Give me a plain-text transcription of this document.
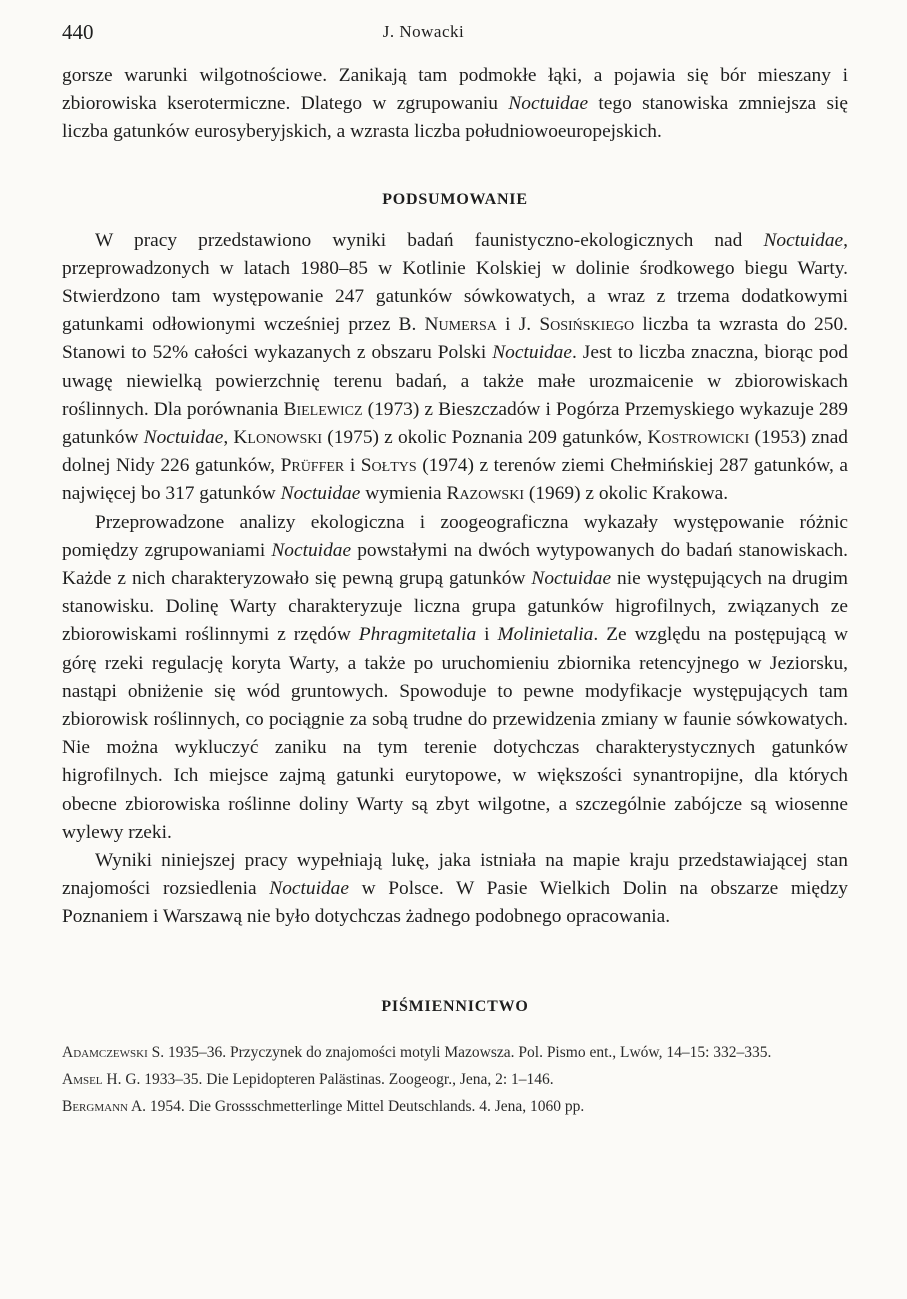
440	J. Nowacki

gorsze warunki wilgotnościowe. Zanikają tam podmokłe łąki, a pojawia się bór mieszany i zbiorowiska kserotermiczne. Dlatego w zgrupowaniu Noctuidae tego stanowiska zmniejsza się liczba gatunków eurosyberyjskich, a wzrasta liczba południowoeuropejskich.

PODSUMOWANIE

W pracy przedstawiono wyniki badań faunistyczno-ekologicznych nad Noctuidae, przeprowadzonych w latach 1980–85 w Kotlinie Kolskiej w dolinie środkowego biegu Warty. Stwierdzono tam występowanie 247 gatunków sówkowatych, a wraz z trzema dodatkowymi gatunkami odłowionymi wcześniej przez B. Numersa i J. Sosińskiego liczba ta wzrasta do 250. Stanowi to 52% całości wykazanych z obszaru Polski Noctuidae. Jest to liczba znaczna, biorąc pod uwagę niewielką powierzchnię terenu badań, a także małe urozmaicenie w zbiorowiskach roślinnych. Dla porównania Bielewicz (1973) z Bieszczadów i Pogórza Przemyskiego wykazuje 289 gatunków Noctuidae, Klonowski (1975) z okolic Poznania 209 gatunków, Kostrowicki (1953) znad dolnej Nidy 226 gatunków, Prüffer i Sołtys (1974) z terenów ziemi Chełmińskiej 287 gatunków, a najwięcej bo 317 gatunków Noctuidae wymienia Razowski (1969) z okolic Krakowa.

Przeprowadzone analizy ekologiczna i zoogeograficzna wykazały występowanie różnic pomiędzy zgrupowaniami Noctuidae powstałymi na dwóch wytypowanych do badań stanowiskach. Każde z nich charakteryzowało się pewną grupą gatunków Noctuidae nie występujących na drugim stanowisku. Dolinę Warty charakteryzuje liczna grupa gatunków higrofilnych, związanych ze zbiorowiskami roślinnymi z rzędów Phragmitetalia i Molinietalia. Ze względu na postępującą w górę rzeki regulację koryta Warty, a także po uruchomieniu zbiornika retencyjnego w Jeziorsku, nastąpi obniżenie się wód gruntowych. Spowoduje to pewne modyfikacje występujących tam zbiorowisk roślinnych, co pociągnie za sobą trudne do przewidzenia zmiany w faunie sówkowatych. Nie można wykluczyć zaniku na tym terenie dotychczas charakterystycznych gatunków higrofilnych. Ich miejsce zajmą gatunki eurytopowe, w większości synantropijne, dla których obecne zbiorowiska roślinne doliny Warty są zbyt wilgotne, a szczególnie zabójcze są wiosenne wylewy rzeki.

Wyniki niniejszej pracy wypełniają lukę, jaka istniała na mapie kraju przedstawiającej stan znajomości rozsiedlenia Noctuidae w Polsce. W Pasie Wielkich Dolin na obszarze między Poznaniem i Warszawą nie było dotychczas żadnego podobnego opracowania.

PIŚMIENNICTWO

Adamczewski S. 1935–36. Przyczynek do znajomości motyli Mazowsza. Pol. Pismo ent., Lwów, 14–15: 332–335.

Amsel H. G. 1933–35. Die Lepidopteren Palästinas. Zoogeogr., Jena, 2: 1–146.

Bergmann A. 1954. Die Grossschmetterlinge Mittel Deutschlands. 4. Jena, 1060 pp.
